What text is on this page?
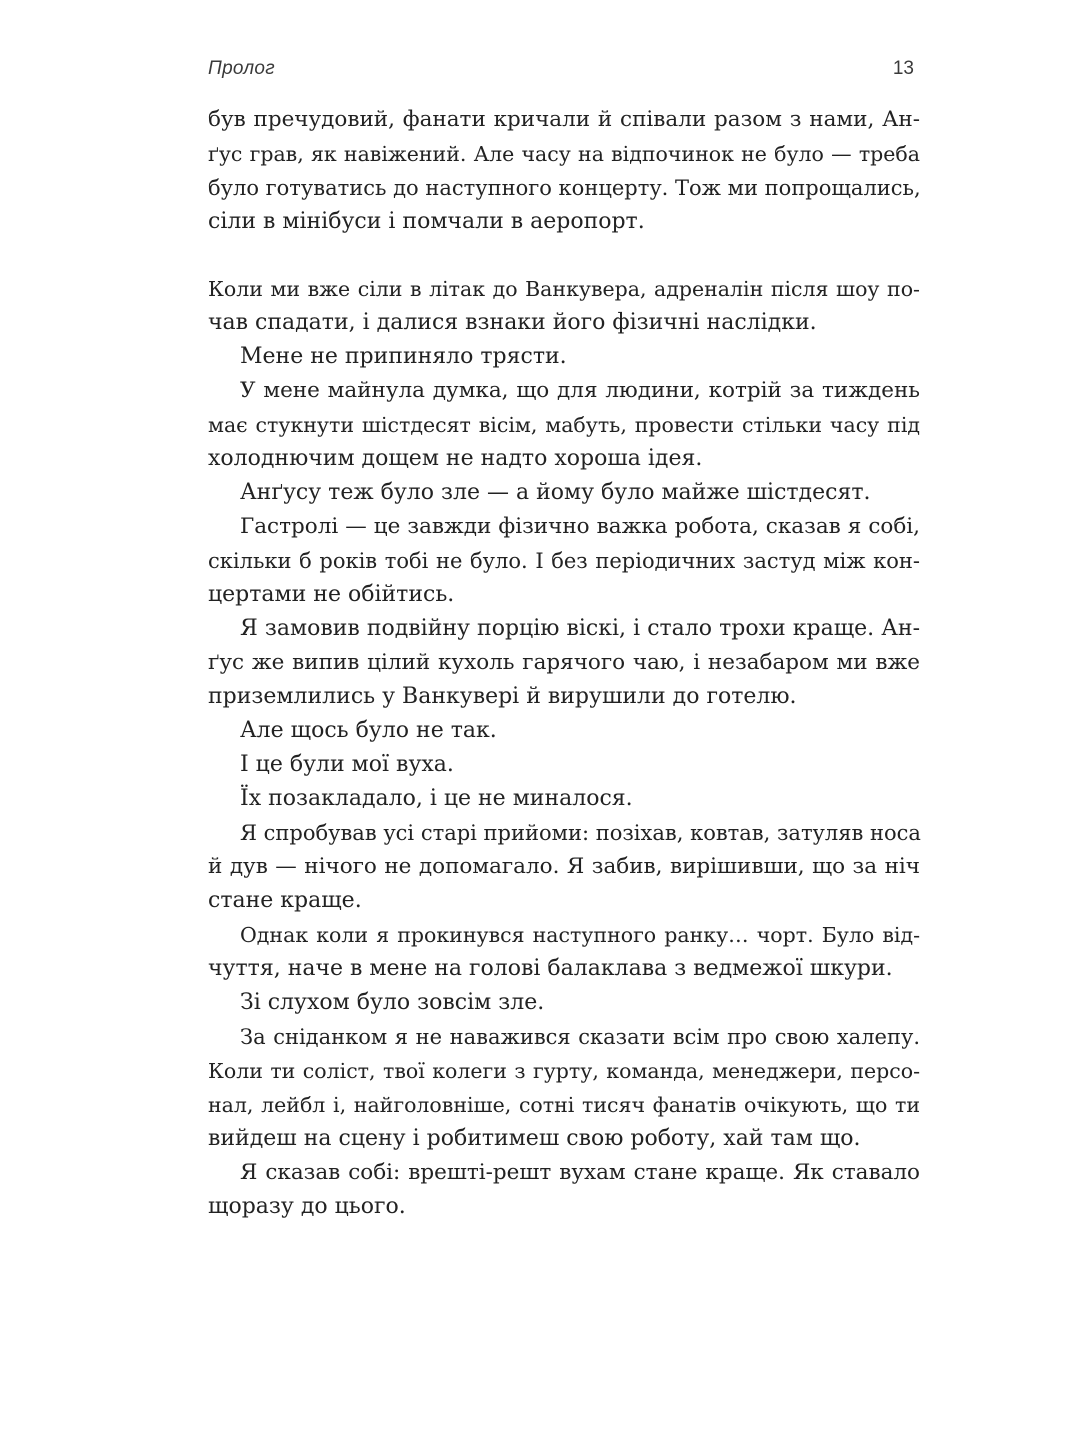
Пролог	13
був пречудовий, фанати кричали й співали разом з нами, Ан-
ґус грав, як навіжений. Але часу на відпочинок не було — треба
було готуватись до наступного концерту. Тож ми попрощались,
сіли в мінібуси і помчали в аеропорт.
Коли ми вже сіли в літак до Ванкувера, адреналін після шоу по-
чав спадати, і далися взнаки його фізичні наслідки.
Мене не припиняло трясти.
У мене майнула думка, що для людини, котрій за тиждень
має стукнути шістдесят вісім, мабуть, провести стільки часу під
холоднючим дощем не надто хороша ідея.
Анґусу теж було зле — а йому було майже шістдесят.
Гастролі — це завжди фізично важка робота, сказав я собі,
скільки б років тобі не було. І без періодичних застуд між кон-
цертами не обійтись.
Я замовив подвійну порцію віскі, і стало трохи краще. Ан-
ґус же випив цілий кухоль гарячого чаю, і незабаром ми вже
приземлились у Ванкувері й вирушили до готелю.
Але щось було не так.
І це були мої вуха.
Їх позакладало, і це не миналося.
Я спробував усі старі прийоми: позіхав, ковтав, затуляв носа
й дув — нічого не допомагало. Я забив, вирішивши, що за ніч
стане краще.
Однак коли я прокинувся наступного ранку… чорт. Було від-
чуття, наче в мене на голові балаклава з ведмежої шкури.
Зі слухом було зовсім зле.
За сніданком я не наважився сказати всім про свою халепу.
Коли ти соліст, твої колеги з гурту, команда, менеджери, персо-
нал, лейбл і, найголовніше, сотні тисяч фанатів очікують, що ти
вийдеш на сцену і робитимеш свою роботу, хай там що.
Я сказав собі: врешті-решт вухам стане краще. Як ставало
щоразу до цього.
